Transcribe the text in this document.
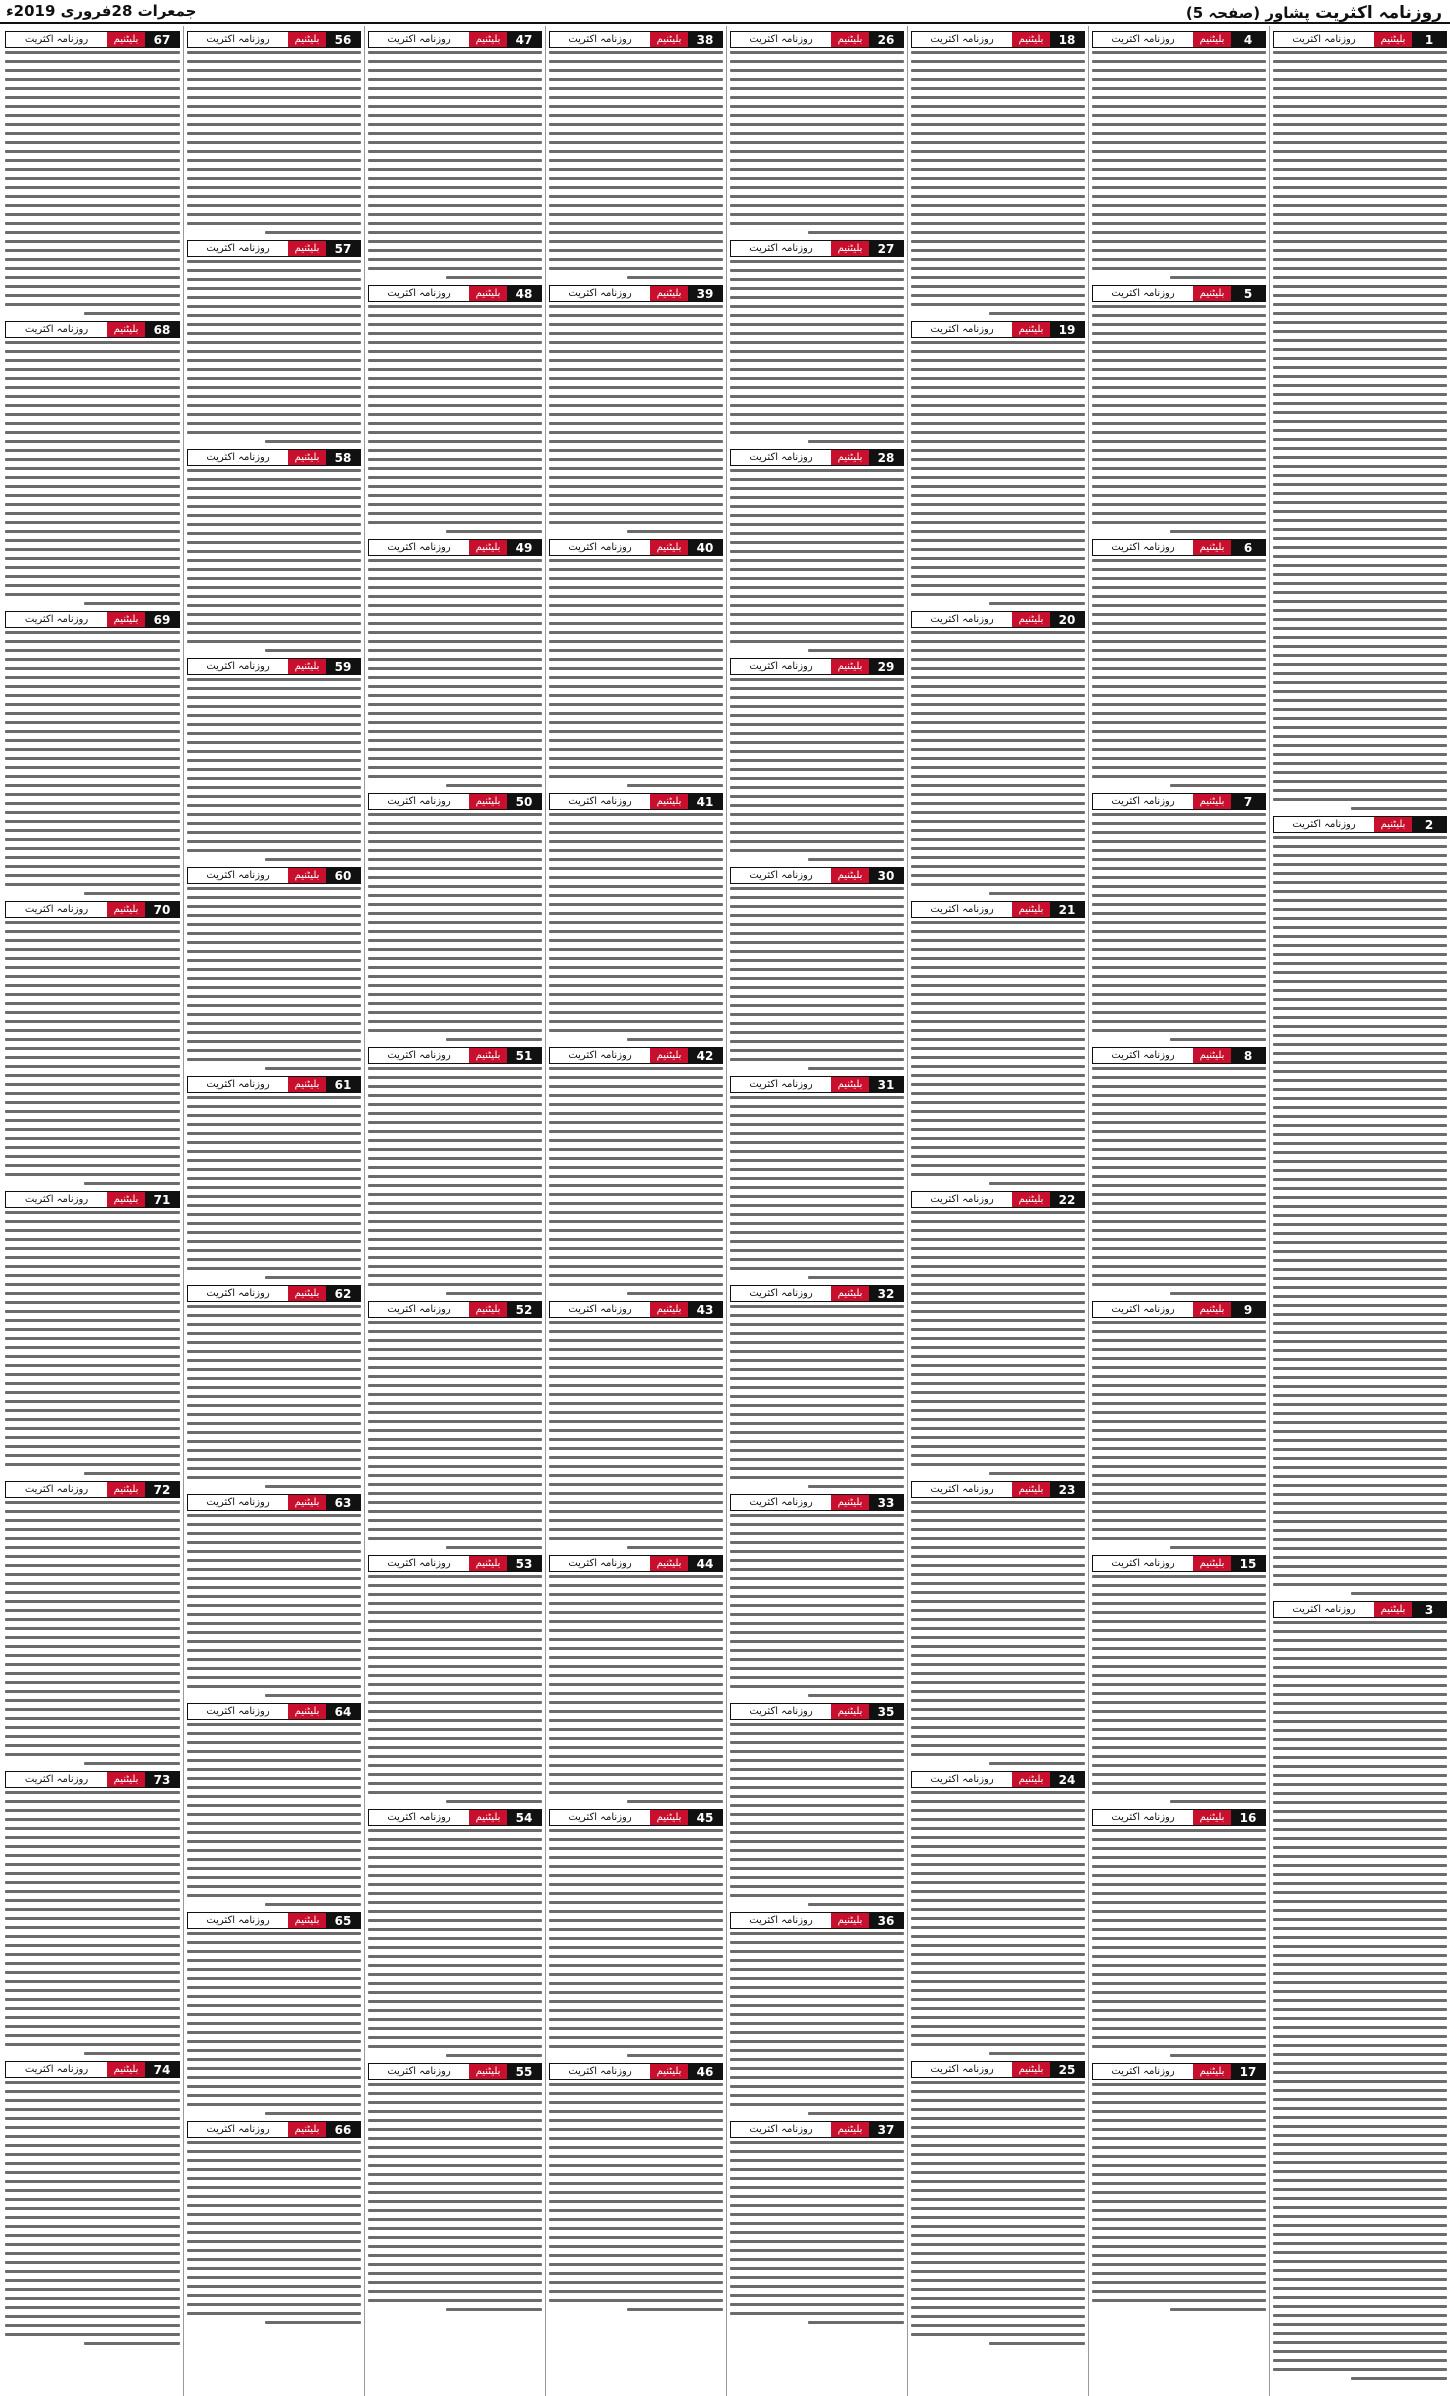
جمعرات 28فروری 2019ء	روزنامہ اکثریت پشاور (صفحہ 5)
1
بلیٹنیم
روزنامہ اکثریت
2
بلیٹنیم
روزنامہ اکثریت
3
بلیٹنیم
روزنامہ اکثریت
4
بلیٹنیم
روزنامہ اکثریت
5
بلیٹنیم
روزنامہ اکثریت
6
بلیٹنیم
روزنامہ اکثریت
7
بلیٹنیم
روزنامہ اکثریت
8
بلیٹنیم
روزنامہ اکثریت
9
بلیٹنیم
روزنامہ اکثریت
15
بلیٹنیم
روزنامہ اکثریت
16
بلیٹنیم
روزنامہ اکثریت
17
بلیٹنیم
روزنامہ اکثریت
18
بلیٹنیم
روزنامہ اکثریت
19
بلیٹنیم
روزنامہ اکثریت
20
بلیٹنیم
روزنامہ اکثریت
21
بلیٹنیم
روزنامہ اکثریت
22
بلیٹنیم
روزنامہ اکثریت
23
بلیٹنیم
روزنامہ اکثریت
24
بلیٹنیم
روزنامہ اکثریت
25
بلیٹنیم
روزنامہ اکثریت
26
بلیٹنیم
روزنامہ اکثریت
27
بلیٹنیم
روزنامہ اکثریت
28
بلیٹنیم
روزنامہ اکثریت
29
بلیٹنیم
روزنامہ اکثریت
30
بلیٹنیم
روزنامہ اکثریت
31
بلیٹنیم
روزنامہ اکثریت
32
بلیٹنیم
روزنامہ اکثریت
33
بلیٹنیم
روزنامہ اکثریت
35
بلیٹنیم
روزنامہ اکثریت
36
بلیٹنیم
روزنامہ اکثریت
37
بلیٹنیم
روزنامہ اکثریت
38
بلیٹنیم
روزنامہ اکثریت
39
بلیٹنیم
روزنامہ اکثریت
40
بلیٹنیم
روزنامہ اکثریت
41
بلیٹنیم
روزنامہ اکثریت
42
بلیٹنیم
روزنامہ اکثریت
43
بلیٹنیم
روزنامہ اکثریت
44
بلیٹنیم
روزنامہ اکثریت
45
بلیٹنیم
روزنامہ اکثریت
46
بلیٹنیم
روزنامہ اکثریت
47
بلیٹنیم
روزنامہ اکثریت
48
بلیٹنیم
روزنامہ اکثریت
49
بلیٹنیم
روزنامہ اکثریت
50
بلیٹنیم
روزنامہ اکثریت
51
بلیٹنیم
روزنامہ اکثریت
52
بلیٹنیم
روزنامہ اکثریت
53
بلیٹنیم
روزنامہ اکثریت
54
بلیٹنیم
روزنامہ اکثریت
55
بلیٹنیم
روزنامہ اکثریت
56
بلیٹنیم
روزنامہ اکثریت
57
بلیٹنیم
روزنامہ اکثریت
58
بلیٹنیم
روزنامہ اکثریت
59
بلیٹنیم
روزنامہ اکثریت
60
بلیٹنیم
روزنامہ اکثریت
61
بلیٹنیم
روزنامہ اکثریت
62
بلیٹنیم
روزنامہ اکثریت
63
بلیٹنیم
روزنامہ اکثریت
64
بلیٹنیم
روزنامہ اکثریت
65
بلیٹنیم
روزنامہ اکثریت
66
بلیٹنیم
روزنامہ اکثریت
67
بلیٹنیم
روزنامہ اکثریت
68
بلیٹنیم
روزنامہ اکثریت
69
بلیٹنیم
روزنامہ اکثریت
70
بلیٹنیم
روزنامہ اکثریت
71
بلیٹنیم
روزنامہ اکثریت
72
بلیٹنیم
روزنامہ اکثریت
73
بلیٹنیم
روزنامہ اکثریت
74
بلیٹنیم
روزنامہ اکثریت
